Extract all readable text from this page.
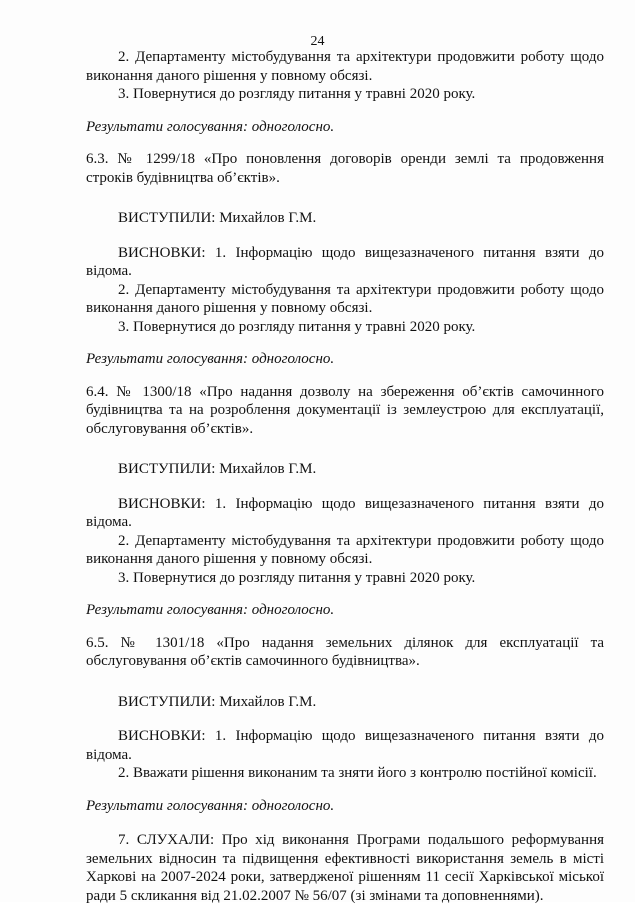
24

2. Департаменту містобудування та архітектури продовжити роботу щодо

виконання даного рішення у повному обсязі.

3. Повернутися до розгляду питання у травні 2020 року.

Результати голосування: одноголосно.

6.3. № 1299/18 «Про поновлення договорів оренди землі та продовження

строків будівництва об’єктів».

ВИСТУПИЛИ: Михайлов Г.М.

ВИСНОВКИ: 1. Інформацію щодо вищезазначеного питання взяти до

відома.

2. Департаменту містобудування та архітектури продовжити роботу щодо

виконання даного рішення у повному обсязі.

3. Повернутися до розгляду питання у травні 2020 року.

Результати голосування: одноголосно.

6.4. № 1300/18 «Про надання дозволу на збереження об’єктів самочинного

будівництва та на розроблення документації із землеустрою для експлуатації,

обслуговування об’єктів».

ВИСТУПИЛИ: Михайлов Г.М.

ВИСНОВКИ: 1. Інформацію щодо вищезазначеного питання взяти до

відома.

2. Департаменту містобудування та архітектури продовжити роботу щодо

виконання даного рішення у повному обсязі.

3. Повернутися до розгляду питання у травні 2020 року.

Результати голосування: одноголосно.

6.5. № 1301/18 «Про надання земельних ділянок для експлуатації та

обслуговування об’єктів самочинного будівництва».

ВИСТУПИЛИ: Михайлов Г.М.

ВИСНОВКИ: 1. Інформацію щодо вищезазначеного питання взяти до

відома.

2. Вважати рішення виконаним та зняти його з контролю постійної комісії.

Результати голосування: одноголосно.

7. СЛУХАЛИ: Про хід виконання Програми подальшого реформування

земельних відносин та підвищення ефективності використання земель в місті

Харкові на 2007-2024 роки, затвердженої рішенням 11 сесії Харківської міської

ради 5 скликання від 21.02.2007 № 56/07 (зі змінами та доповненнями).
